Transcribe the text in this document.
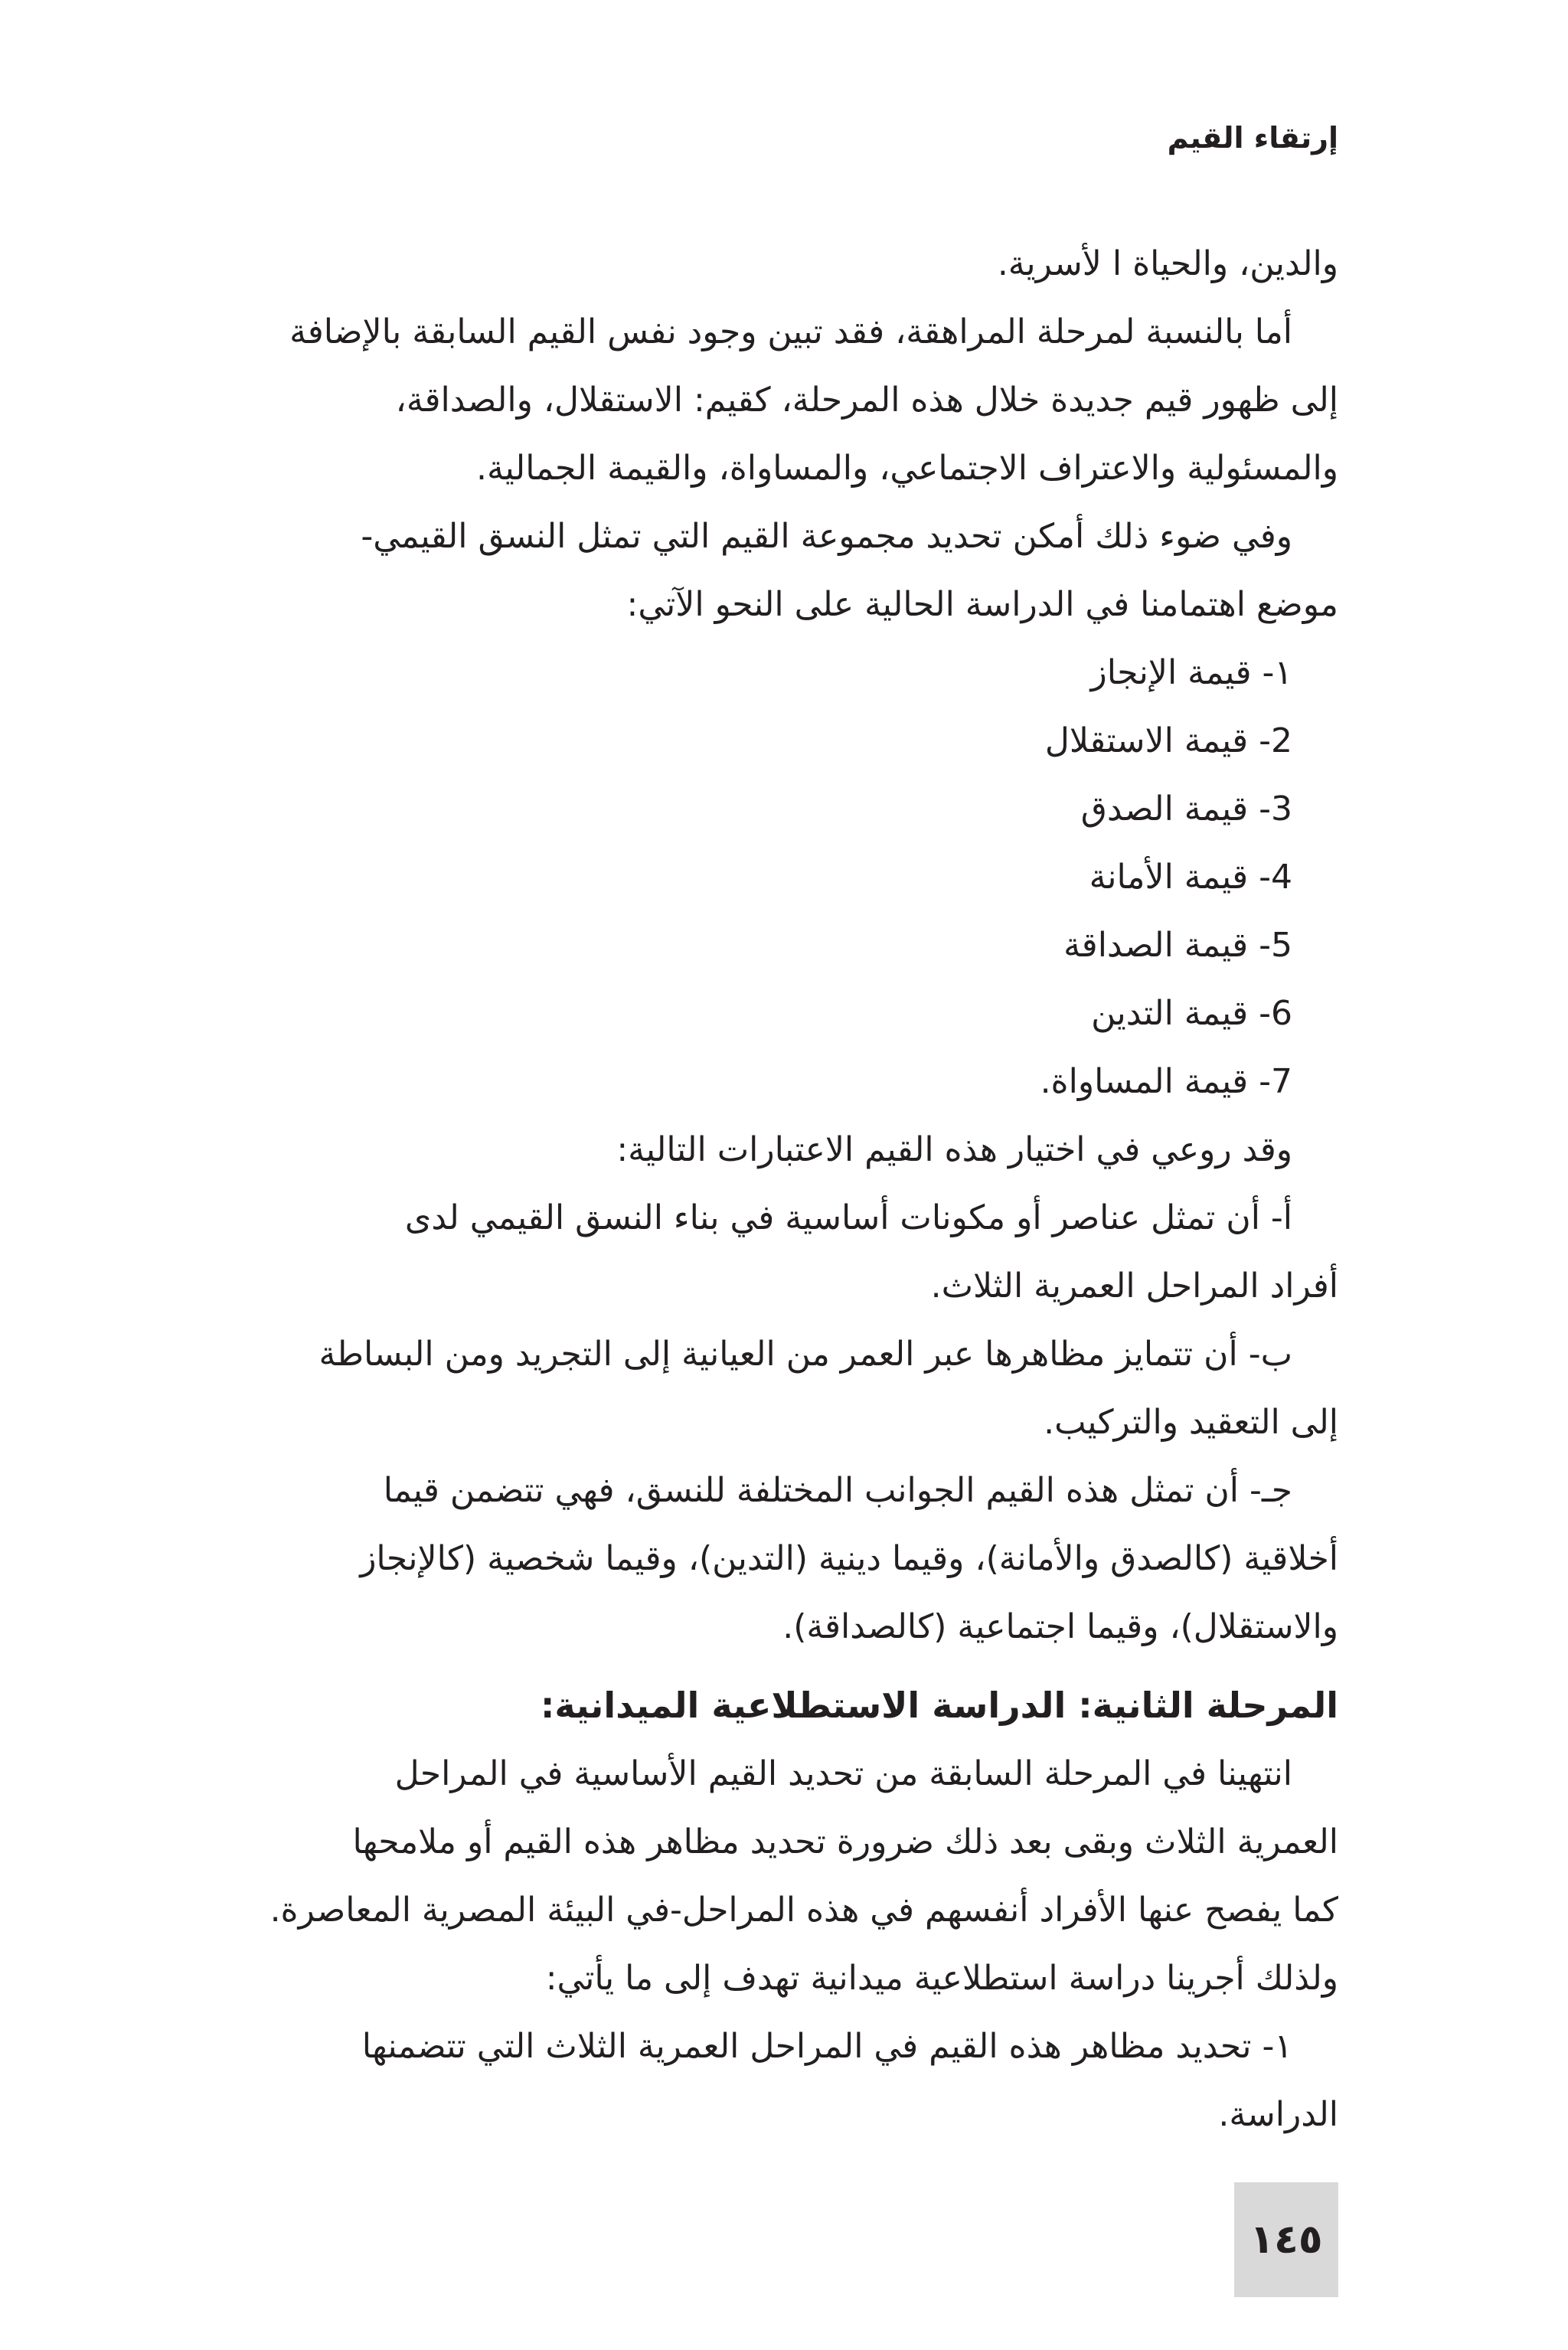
إرتقاء القيم
والدين، والحياة ا لأسرية.
أما بالنسبة لمرحلة المراهقة، فقد تبين وجود نفس القيم السابقة بالإضافة
إلى ظهور قيم جديدة خلال هذه المرحلة، كقيم: الاستقلال، والصداقة،
والمسئولية والاعتراف الاجتماعي، والمساواة، والقيمة الجمالية.
وفي ضوء ذلك أمكن تحديد مجموعة القيم التي تمثل النسق القيمي-
موضع اهتمامنا في الدراسة الحالية على النحو الآتي:
١- قيمة الإنجاز
2- قيمة الاستقلال
3- قيمة الصدق
4- قيمة الأمانة
5- قيمة الصداقة
6- قيمة التدين
7- قيمة المساواة.
وقد روعي في اختيار هذه القيم الاعتبارات التالية:
أ- أن تمثل عناصر أو مكونات أساسية في بناء النسق القيمي لدى
أفراد المراحل العمرية الثلاث.
ب- أن تتمايز مظاهرها عبر العمر من العيانية إلى التجريد ومن البساطة
إلى التعقيد والتركيب.
جـ- أن تمثل هذه القيم الجوانب المختلفة للنسق، فهي تتضمن قيما
أخلاقية (كالصدق والأمانة)، وقيما دينية (التدين)، وقيما شخصية (كالإنجاز
والاستقلال)، وقيما اجتماعية (كالصداقة).
المرحلة الثانية: الدراسة الاستطلاعية الميدانية:
انتهينا في المرحلة السابقة من تحديد القيم الأساسية في المراحل
العمرية الثلاث وبقى بعد ذلك ضرورة تحديد مظاهر هذه القيم أو ملامحها
كما يفصح عنها الأفراد أنفسهم في هذه المراحل-في البيئة المصرية المعاصرة.
ولذلك أجرينا دراسة استطلاعية ميدانية تهدف إلى ما يأتي:
١- تحديد مظاهر هذه القيم في المراحل العمرية الثلاث التي تتضمنها
الدراسة.
١٤٥
